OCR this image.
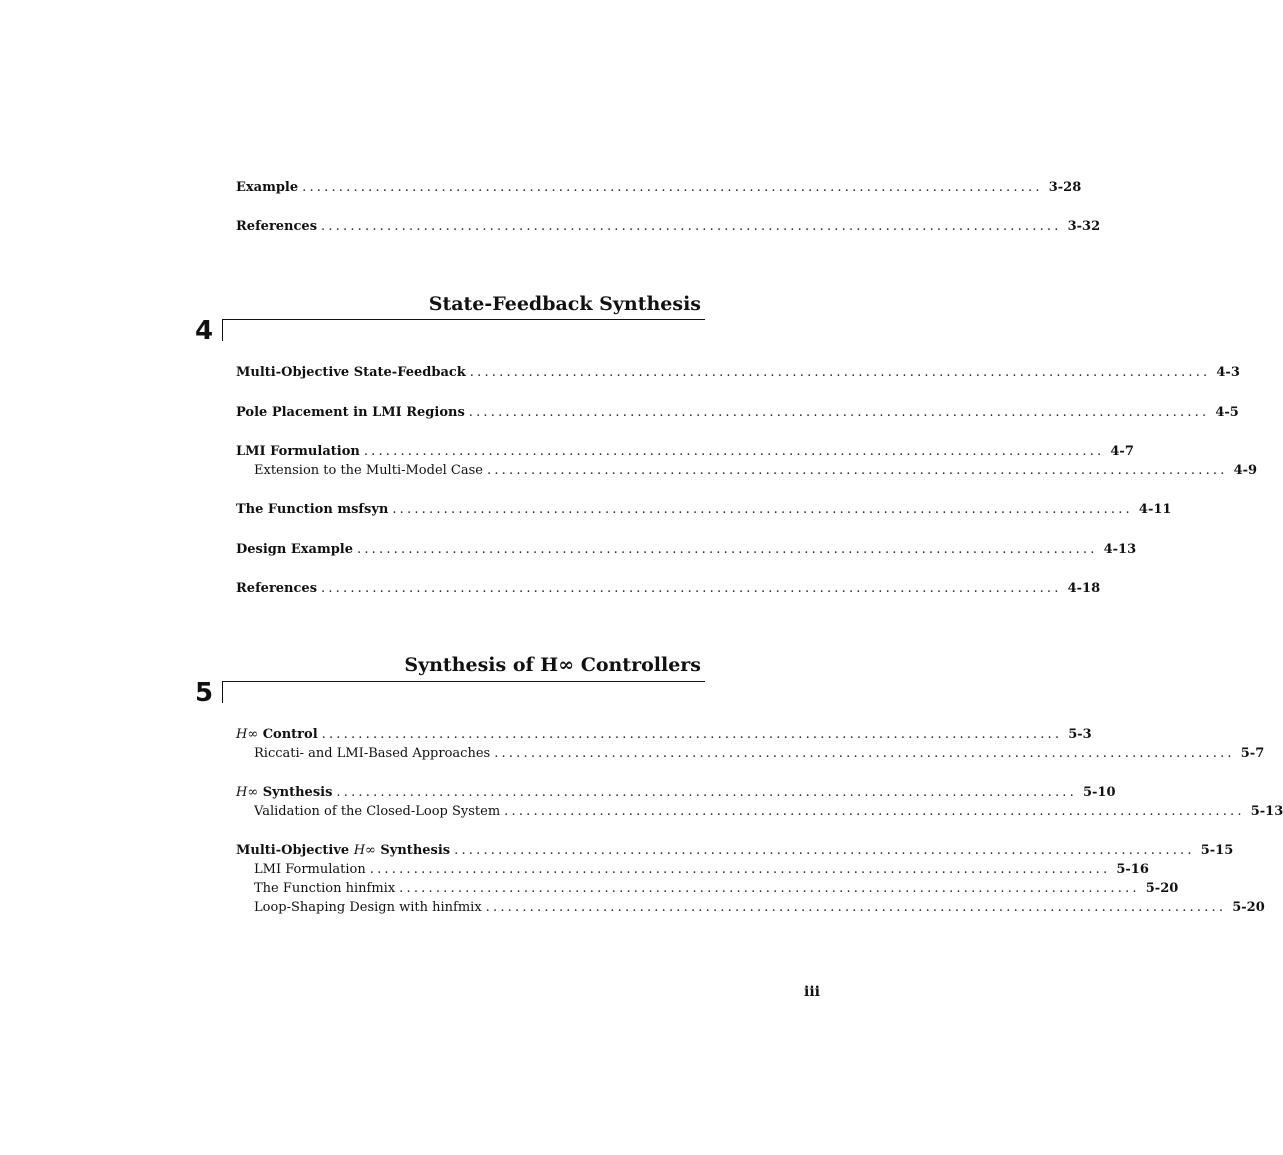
Example ..................................................................................................... 3-28
References ..................................................................................................... 3-32
State-Feedback Synthesis
4
Multi-Objective State-Feedback ..................................................................................................... 4-3
Pole Placement in LMI Regions ..................................................................................................... 4-5
LMI Formulation ..................................................................................................... 4-7
Extension to the Multi-Model Case ..................................................................................................... 4-9
The Function msfsyn ..................................................................................................... 4-11
Design Example ..................................................................................................... 4-13
References ..................................................................................................... 4-18
Synthesis of H∞ Controllers
5
H∞ Control ..................................................................................................... 5-3
Riccati- and LMI-Based Approaches ..................................................................................................... 5-7
H∞ Synthesis ..................................................................................................... 5-10
Validation of the Closed-Loop System ..................................................................................................... 5-13
Multi-Objective H∞ Synthesis ..................................................................................................... 5-15
LMI Formulation ..................................................................................................... 5-16
The Function hinfmix ..................................................................................................... 5-20
Loop-Shaping Design with hinfmix ..................................................................................................... 5-20
iii
